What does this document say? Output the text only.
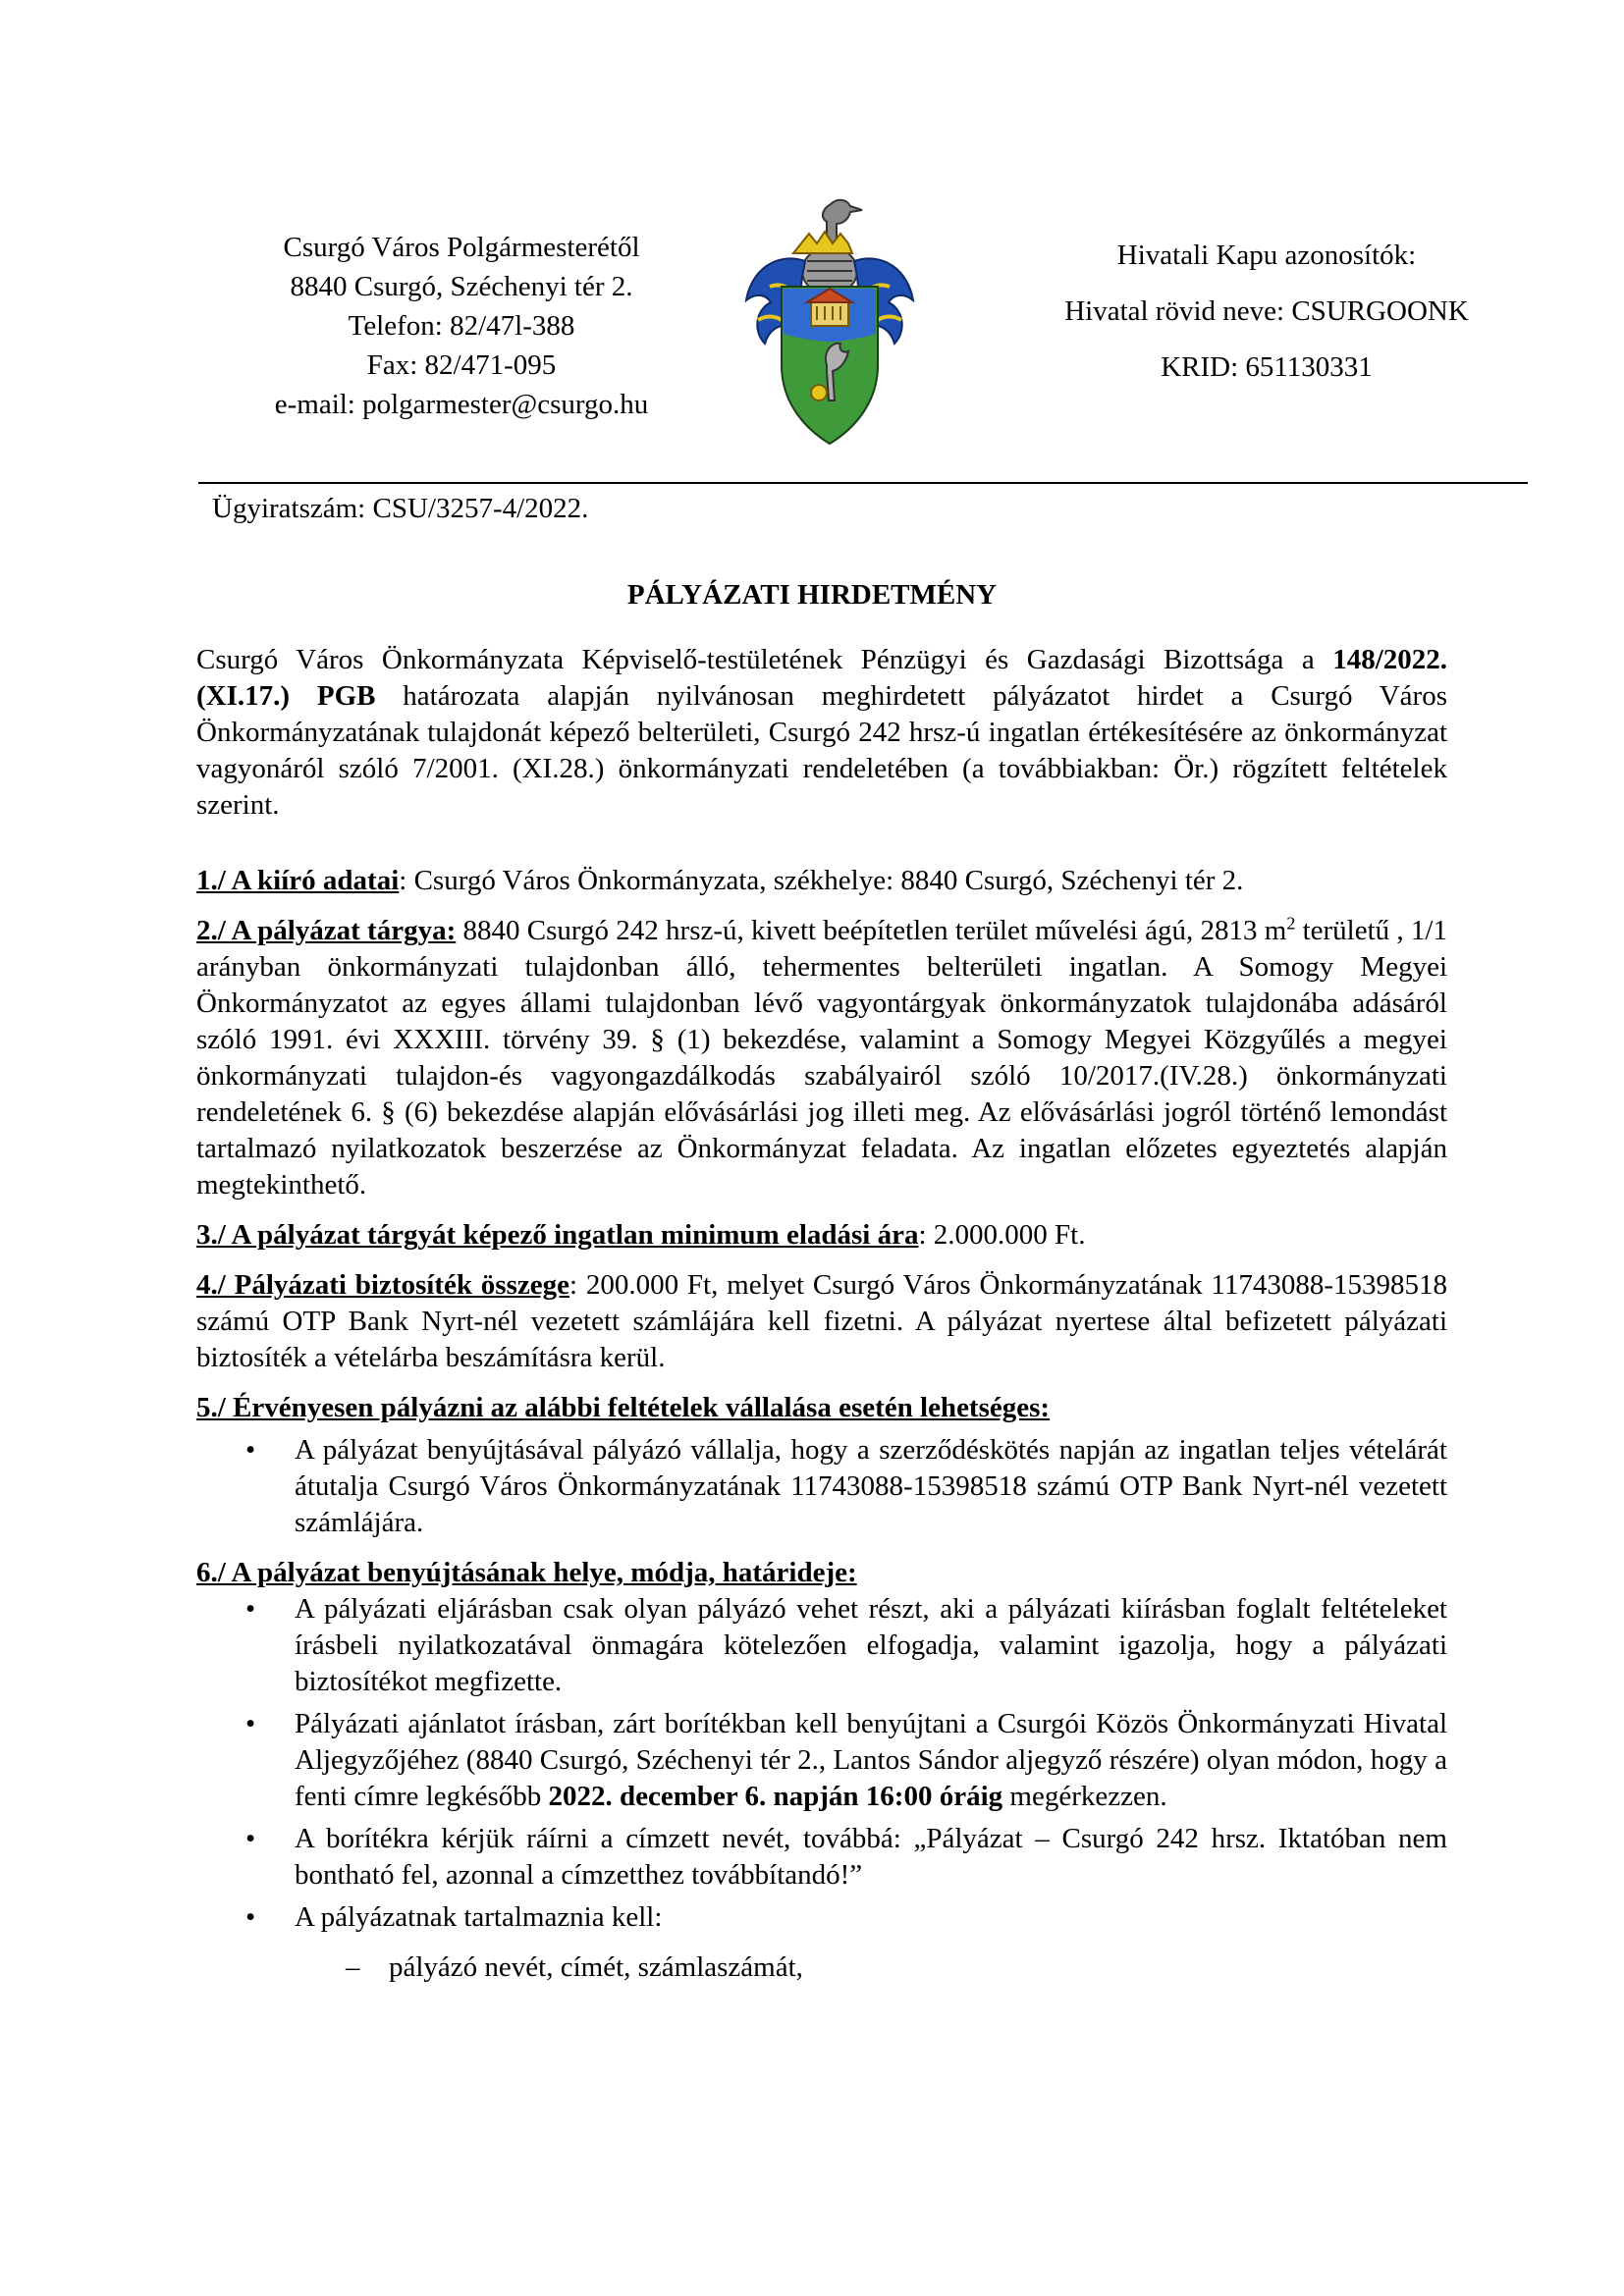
Csurgó Város Polgármesterétől
8840 Csurgó, Széchenyi tér 2.
Telefon: 82/47l-388
Fax: 82/471-095
e-mail: polgarmester@csurgo.hu
Hivatali Kapu azonosítók:
Hivatal rövid neve: CSURGOONK
KRID: 651130331
Ügyiratszám: CSU/3257-4/2022.
PÁLYÁZATI HIRDETMÉNY

Csurgó Város Önkormányzata Képviselő-testületének Pénzügyi és Gazdasági Bizottsága a 148/2022. (XI.17.) PGB határozata alapján nyilvánosan meghirdetett pályázatot hirdet a Csurgó Város Önkormányzatának tulajdonát képező belterületi, Csurgó 242 hrsz-ú ingatlan értékesítésére az önkormányzat vagyonáról szóló 7/2001. (XI.28.) önkormányzati rendeletében (a továbbiakban: Ör.) rögzített feltételek szerint.

1./ A kiíró adatai: Csurgó Város Önkormányzata, székhelye: 8840 Csurgó, Széchenyi tér 2.

2./ A pályázat tárgya: 8840 Csurgó 242 hrsz-ú, kivett beépítetlen terület művelési ágú, 2813 $m^2$ területű , 1/1 arányban önkormányzati tulajdonban álló, tehermentes belterületi ingatlan. A Somogy Megyei Önkormányzatot az egyes állami tulajdonban lévő vagyontárgyak önkormányzatok tulajdonába adásáról szóló 1991. évi XXXIII. törvény 39. § (1) bekezdése, valamint a Somogy Megyei Közgyűlés a megyei önkormányzati tulajdon-és vagyongazdálkodás szabályairól szóló 10/2017.(IV.28.) önkormányzati rendeletének 6. § (6) bekezdése alapján elővásárlási jog illeti meg. Az elővásárlási jogról történő lemondást tartalmazó nyilatkozatok beszerzése az Önkormányzat feladata. Az ingatlan előzetes egyeztetés alapján megtekinthető.

3./ A pályázat tárgyát képező ingatlan minimum eladási ára: 2.000.000 Ft.

4./ Pályázati biztosíték összege: 200.000 Ft, melyet Csurgó Város Önkormányzatának 11743088-15398518 számú OTP Bank Nyrt-nél vezetett számlájára kell fizetni. A pályázat nyertese által befizetett pályázati biztosíték a vételárba beszámításra kerül.

5./ Érvényesen pályázni az alábbi feltételek vállalása esetén lehetséges:

• A pályázat benyújtásával pályázó vállalja, hogy a szerződéskötés napján az ingatlan teljes vételárát átutalja Csurgó Város Önkormányzatának 11743088-15398518 számú OTP Bank Nyrt-nél vezetett számlájára.

6./ A pályázat benyújtásának helye, módja, határideje:

• A pályázati eljárásban csak olyan pályázó vehet részt, aki a pályázati kiírásban foglalt feltételeket írásbeli nyilatkozatával önmagára kötelezően elfogadja, valamint igazolja, hogy a pályázati biztosítékot megfizette.
• Pályázati ajánlatot írásban, zárt borítékban kell benyújtani a Csurgói Közös Önkormányzati Hivatal Aljegyzőjéhez (8840 Csurgó, Széchenyi tér 2., Lantos Sándor aljegyző részére) olyan módon, hogy a fenti címre legkésőbb 2022. december 6. napján 16:00 óráig megérkezzen.
• A borítékra kérjük ráírni a címzett nevét, továbbá: „Pályázat – Csurgó 242 hrsz. Iktatóban nem bontható fel, azonnal a címzetthez továbbítandó!”
• A pályázatnak tartalmaznia kell:
– pályázó nevét, címét, számlaszámát,
